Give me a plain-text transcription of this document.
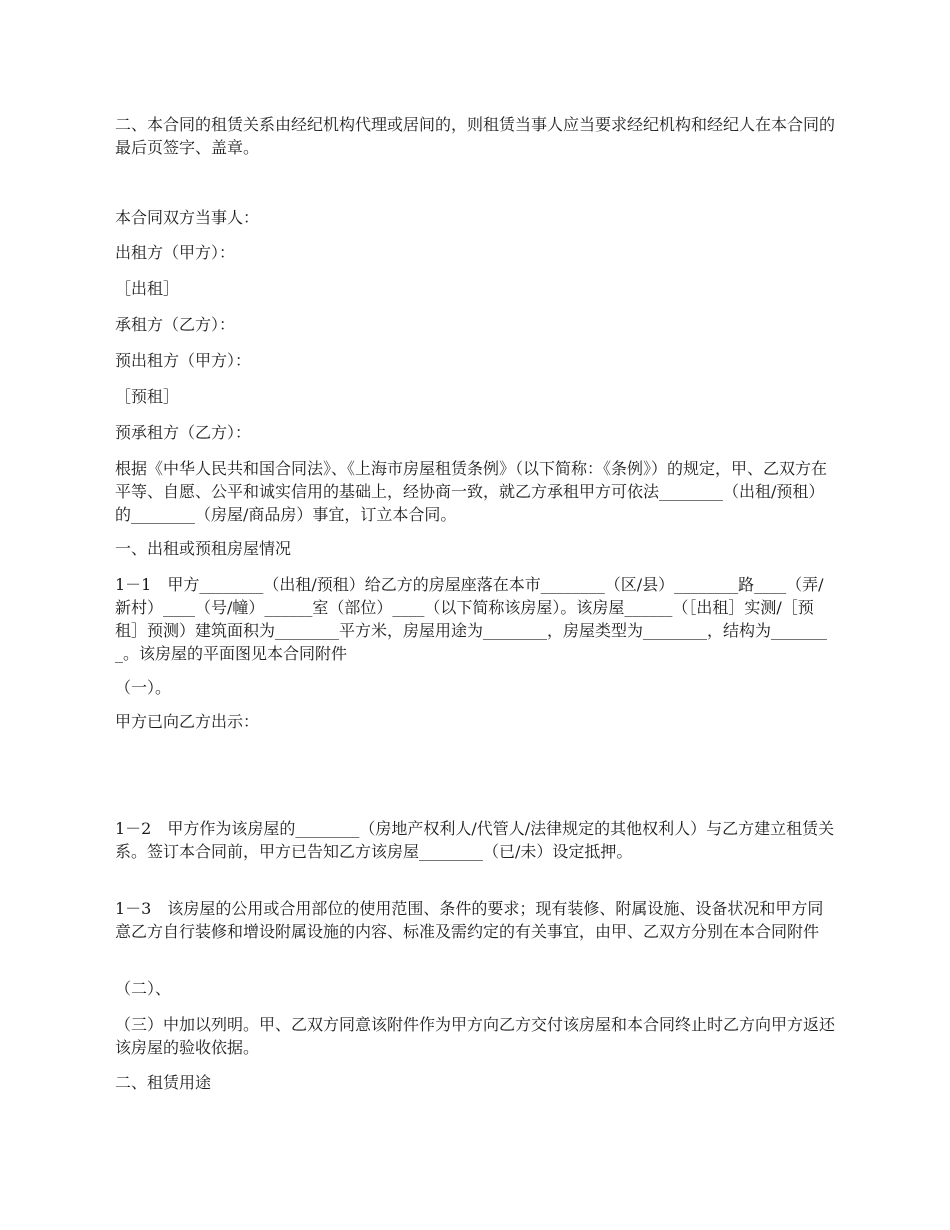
二、本合同的租赁关系由经纪机构代理或居间的，则租赁当事人应当要求经纪机构和经纪人在本合同的最后页签字、盖章。

本合同双方当事人：

出租方（甲方）：

［出租］

承租方（乙方）：

预出租方（甲方）：

［预租］

预承租方（乙方）：

根据《中华人民共和国合同法》、《上海市房屋租赁条例》（以下简称：《条例》）的规定，甲、乙双方在平等、自愿、公平和诚实信用的基础上，经协商一致，就乙方承租甲方可依法________（出租/预租）的________（房屋/商品房）事宜，订立本合同。

一、出租或预租房屋情况

1－1　甲方________（出租/预租）给乙方的房屋座落在本市________（区/县）________路____（弄/新村）____（号/幢）______室（部位）____（以下简称该房屋）。该房屋______（［出租］实测/［预租］预测）建筑面积为________平方米，房屋用途为________，房屋类型为________，结构为________。该房屋的平面图见本合同附件

（一）。

甲方已向乙方出示：

1－2　甲方作为该房屋的________（房地产权利人/代管人/法律规定的其他权利人）与乙方建立租赁关系。签订本合同前，甲方已告知乙方该房屋________（已/未）设定抵押。

1－3　该房屋的公用或合用部位的使用范围、条件的要求；现有装修、附属设施、设备状况和甲方同意乙方自行装修和增设附属设施的内容、标准及需约定的有关事宜，由甲、乙双方分别在本合同附件

（二）、

（三）中加以列明。甲、乙双方同意该附件作为甲方向乙方交付该房屋和本合同终止时乙方向甲方返还该房屋的验收依据。

二、租赁用途
